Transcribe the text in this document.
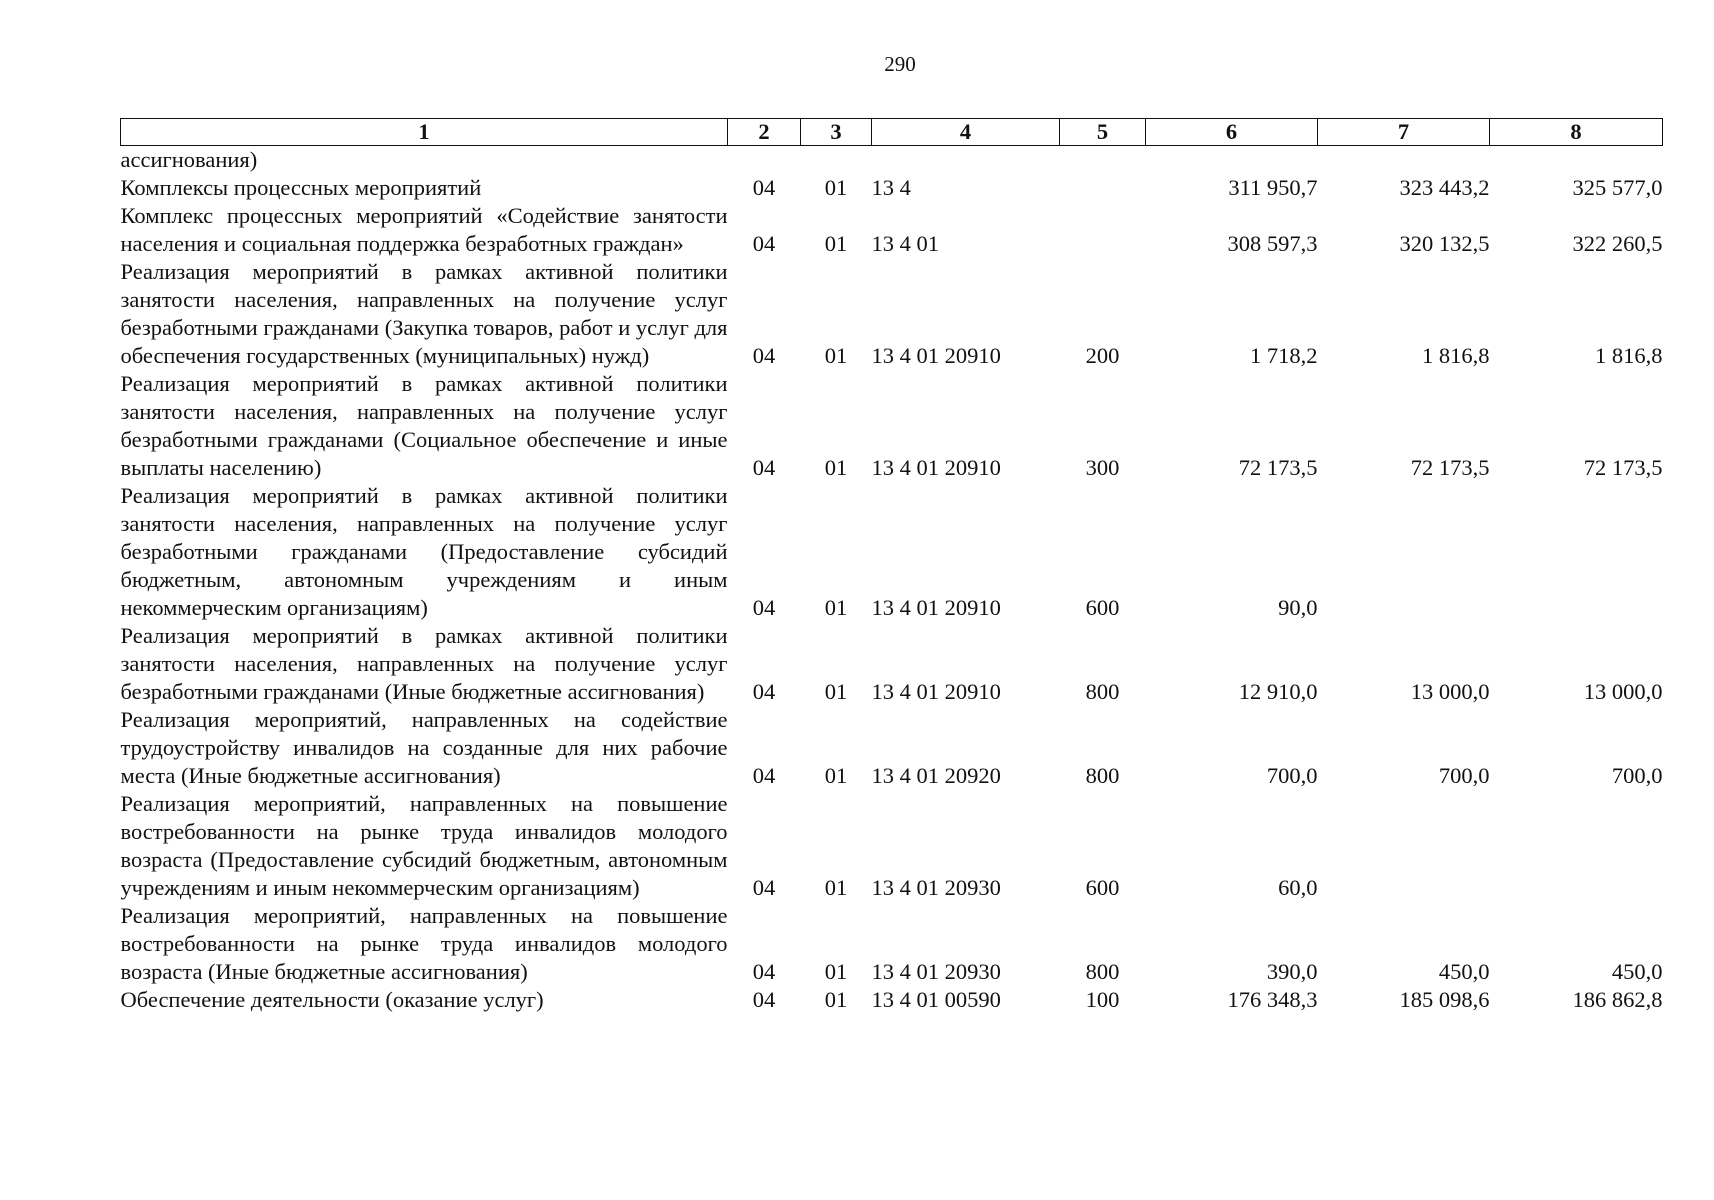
290
1	2	3	4	5	6	7	8
ассигнования)							
Комплексы процессных мероприятий	04	01	13 4		311 950,7	323 443,2	325 577,0
Комплекс процессных мероприятий «Содействие занятости населения и социальная поддержка безработных граждан»	04	01	13 4 01		308 597,3	320 132,5	322 260,5
Реализация мероприятий в рамках активной политики занятости населения, направленных на получение услуг безработными гражданами (Закупка товаров, работ и услуг для обеспечения государственных (муниципальных) нужд)	04	01	13 4 01 20910	200	1 718,2	1 816,8	1 816,8
Реализация мероприятий в рамках активной политики занятости населения, направленных на получение услуг безработными гражданами (Социальное обеспечение и иные выплаты населению)	04	01	13 4 01 20910	300	72 173,5	72 173,5	72 173,5
Реализация мероприятий в рамках активной политики занятости населения, направленных на получение услуг безработными гражданами (Предоставление субсидий бюджетным, автономным учреждениям и иным некоммерческим организациям)	04	01	13 4 01 20910	600	90,0		
Реализация мероприятий в рамках активной политики занятости населения, направленных на получение услуг безработными гражданами (Иные бюджетные ассигнования)	04	01	13 4 01 20910	800	12 910,0	13 000,0	13 000,0
Реализация мероприятий, направленных на содействие трудоустройству инвалидов на созданные для них рабочие места (Иные бюджетные ассигнования)	04	01	13 4 01 20920	800	700,0	700,0	700,0
Реализация мероприятий, направленных на повышение востребованности на рынке труда инвалидов молодого возраста (Предоставление субсидий бюджетным, автономным учреждениям и иным некоммерческим организациям)	04	01	13 4 01 20930	600	60,0		
Реализация мероприятий, направленных на повышение востребованности на рынке труда инвалидов молодого возраста (Иные бюджетные ассигнования)	04	01	13 4 01 20930	800	390,0	450,0	450,0
Обеспечение деятельности (оказание услуг)	04	01	13 4 01 00590	100	176 348,3	185 098,6	186 862,8
